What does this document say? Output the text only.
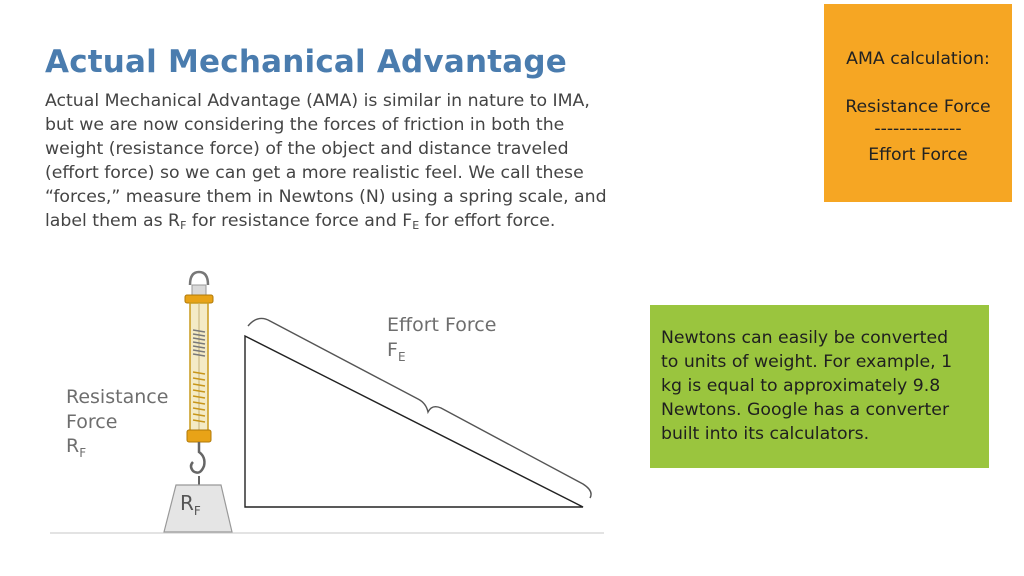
Actual Mechanical Advantage
Actual Mechanical Advantage (AMA) is similar in nature to IMA,
but we are now considering the forces of friction in both the
weight (resistance force) of the object and distance traveled
(effort force) so we can get a more realistic feel. We call these
“forces,” measure them in Newtons (N) using a spring scale, and
label them as $R_F$ for resistance force and $F_E$ for effort force.
AMA calculation:
Resistance Force
--------------
Effort Force
Newtons can easily be converted
to units of weight. For example, 1
kg is equal to approximately 9.8
Newtons. Google has a converter
built into its calculators.
Effort Force
$F_E$
Resistance
Force
$R_F$
$R_F$
